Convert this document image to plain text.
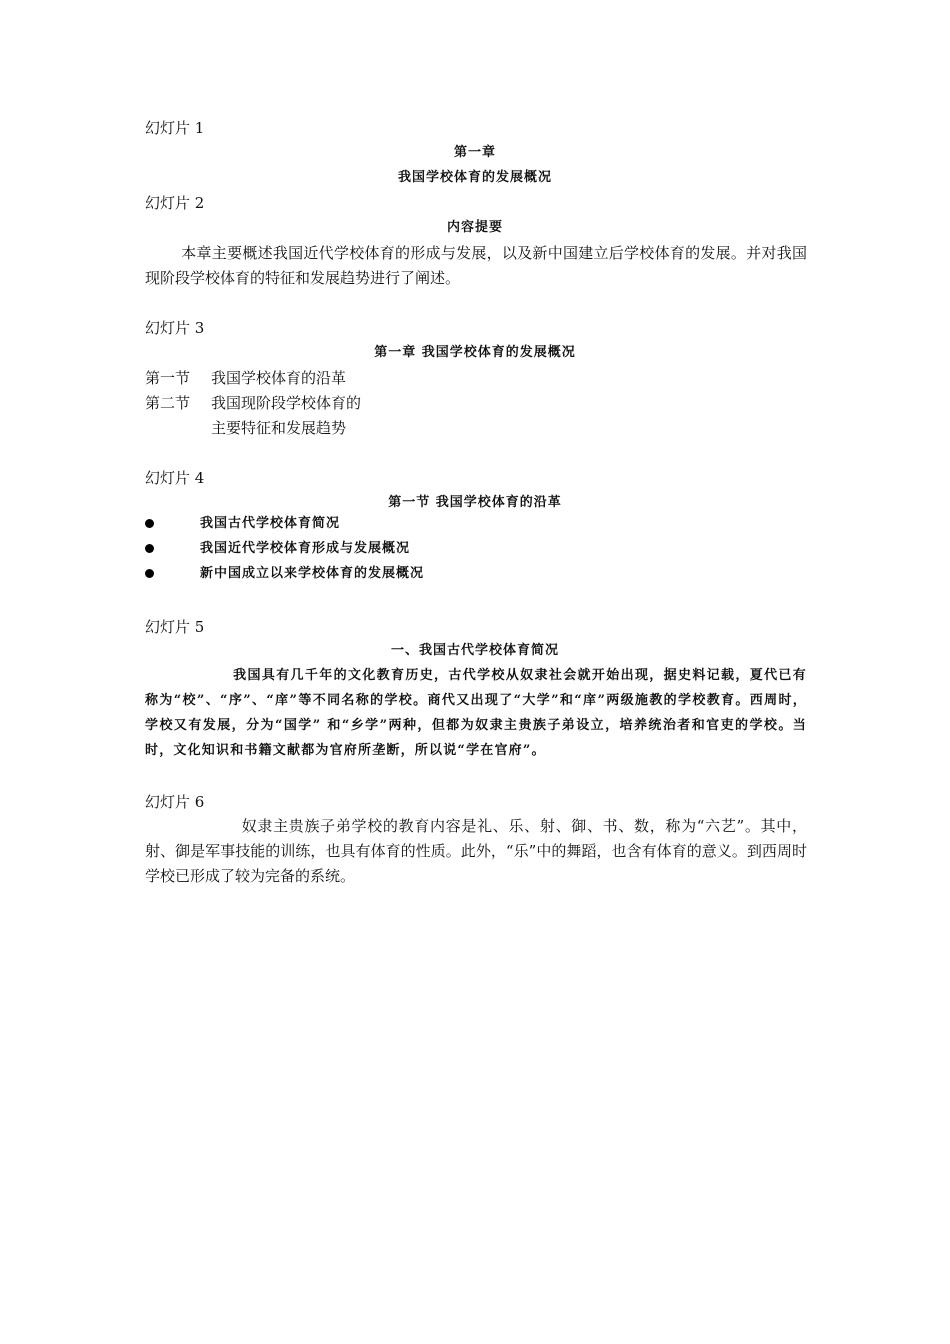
幻灯片 1
第一章
我国学校体育的发展概况
幻灯片 2
内容提要
本章主要概述我国近代学校体育的形成与发展，以及新中国建立后学校体育的发展。并对我国现阶段学校体育的特征和发展趋势进行了阐述。
幻灯片 3
第一章 我国学校体育的发展概况
第一节 我国学校体育的沿革
第二节 我国现阶段学校体育的
主要特征和发展趋势
幻灯片 4
第一节 我国学校体育的沿革
我国古代学校体育简况
我国近代学校体育形成与发展概况
新中国成立以来学校体育的发展概况
幻灯片 5
一、我国古代学校体育简况
我国具有几千年的文化教育历史，古代学校从奴隶社会就开始出现，据史料记载，夏代已有称为“校”、“序”、“庠”等不同名称的学校。商代又出现了“大学”和“庠”两级施教的学校教育。西周时，学校又有发展，分为“国学” 和“乡学”两种，但都为奴隶主贵族子弟设立，培养统治者和官吏的学校。当时，文化知识和书籍文献都为官府所垄断，所以说“学在官府”。
幻灯片 6
奴隶主贵族子弟学校的教育内容是礼、乐、射、御、书、数，称为“六艺”。其中，射、御是军事技能的训练，也具有体育的性质。此外，“乐”中的舞蹈，也含有体育的意义。到西周时学校已形成了较为完备的系统。
